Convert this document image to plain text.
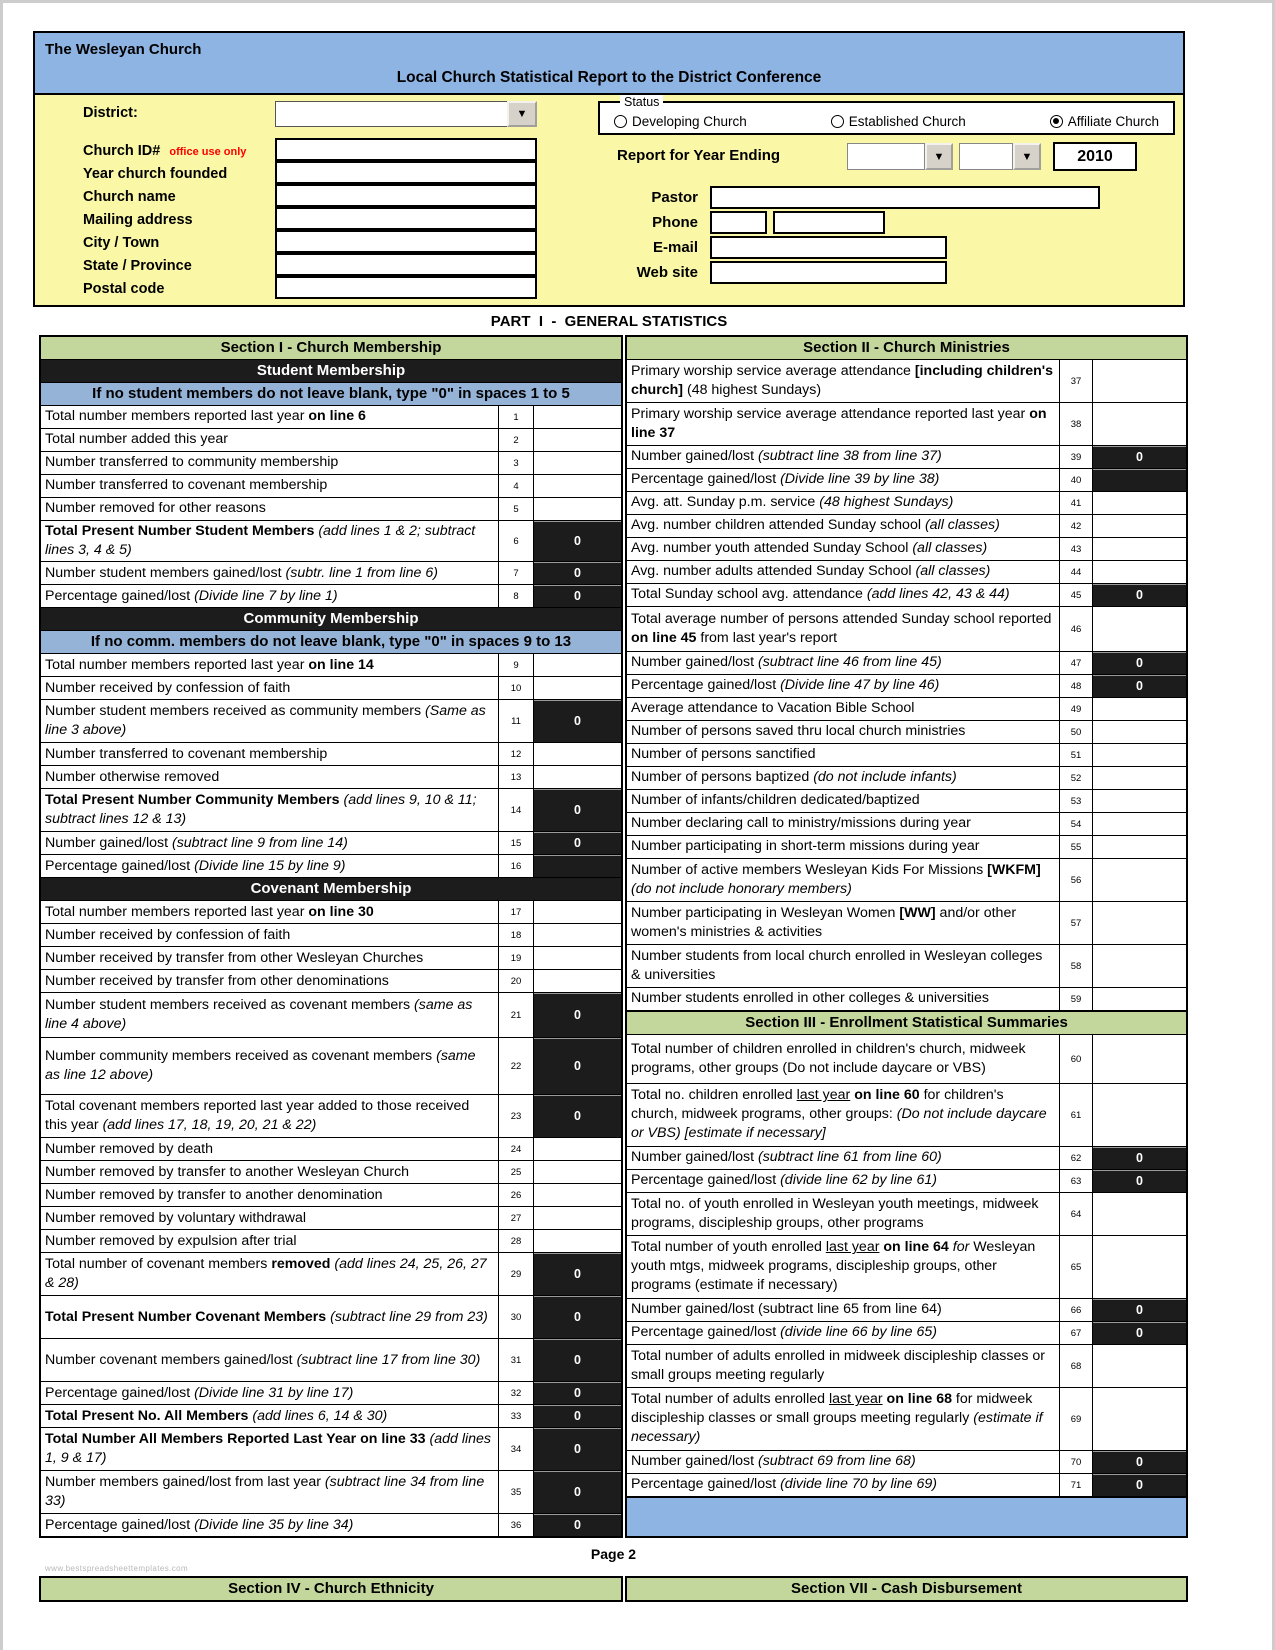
The Wesleyan Church
Local Church Statistical Report to the District Conference
District:	▼
Church ID# office use only
Year church founded
Church name
Mailing address
City / Town
State / Province
Postal code
Status
Developing Church	Established Church	Affiliate Church
Report for Year Ending	▼	▼	2010
Pastor
Phone
E-mail
Web site
PART  I  -  GENERAL STATISTICS
Section I - Church Membership
Student Membership
If no student members do not leave blank, type "0" in spaces 1 to 5
Total number members reported last year on line 6	1
Total number added this year	2
Number transferred to community membership	3
Number transferred to covenant membership	4
Number removed for other reasons	5
Total Present Number Student Members (add lines 1 & 2; subtract lines 3, 4 & 5)
6	0
Number student members gained/lost (subtr. line 1 from line 6)	7	0
Percentage gained/lost (Divide line 7 by line 1)	8	0
Community Membership
If no comm. members do not leave blank, type "0" in spaces 9 to 13
Total number members reported last year on line 14	9
Number received by confession of faith	10
Number student members received as community members (Same as line 3 above)
11	0
Number transferred to covenant membership	12
Number otherwise removed	13
Total Present Number Community Members (add lines 9, 10 & 11; subtract lines 12 & 13)
14	0
Number gained/lost (subtract line 9 from line 14)	15	0
Percentage gained/lost (Divide line 15 by line 9)	16
Covenant Membership
Total number members reported last year on line 30	17
Number received by confession of faith	18
Number received by transfer from other Wesleyan Churches	19
Number received by transfer from other denominations	20
Number student members received as covenant members (same as line 4 above)
21	0
Number community members received as covenant members (same as line 12 above)
22	0
Total covenant members reported last year added to those received this year (add lines 17, 18, 19, 20, 21 & 22)
23	0
Number removed by death	24
Number removed by transfer to another Wesleyan Church	25
Number removed by transfer to another denomination	26
Number removed by voluntary withdrawal	27
Number removed by expulsion after trial	28
Total number of covenant members removed (add lines 24, 25, 26, 27 & 28)
29	0
Total Present Number Covenant Members (subtract line 29 from 23)	30	0
Number covenant members gained/lost (subtract line 17 from line 30)	31	0
Percentage gained/lost (Divide line 31 by line 17)	32	0
Total Present No. All Members (add lines 6, 14 & 30)	33	0
Total Number All Members Reported Last Year on line 33 (add lines 1, 9 & 17)
34	0
Number members gained/lost from last year (subtract line 34 from line 33)
35	0
Percentage gained/lost (Divide line 35 by line 34)	36	0
Section II - Church Ministries
Primary worship service average attendance [including children's church] (48 highest Sundays)
37
Primary worship service average attendance reported last year on line 37
38
Number gained/lost (subtract line 38 from line 37)	39	0
Percentage gained/lost (Divide line 39 by line 38)	40
Avg. att. Sunday p.m. service (48 highest Sundays)	41
Avg. number children attended Sunday school (all classes)	42
Avg. number youth attended Sunday School (all classes)	43
Avg. number adults attended Sunday School (all classes)	44
Total Sunday school avg. attendance (add lines 42, 43 & 44)	45	0
Total average number of persons attended Sunday school reported on line 45 from last year's report
46
Number gained/lost (subtract line 46 from line 45)	47	0
Percentage gained/lost (Divide line 47 by line 46)	48	0
Average attendance to Vacation Bible School	49
Number of persons saved thru local church ministries	50
Number of persons sanctified	51
Number of persons baptized (do not include infants)	52
Number of infants/children dedicated/baptized	53
Number declaring call to ministry/missions during year	54
Number participating in short-term missions during year	55
Number of active members Wesleyan Kids For Missions [WKFM] (do not include honorary members)
56
Number participating in Wesleyan Women [WW] and/or other women's ministries & activities
57
Number students from local church enrolled in Wesleyan colleges & universities
58
Number students enrolled in other colleges & universities	59
Section III - Enrollment Statistical Summaries
Total number of children enrolled in children's church, midweek programs, other groups (Do not include daycare or VBS)
60
Total no. children enrolled last year on line 60 for children's church, midweek programs, other groups: (Do not include daycare or VBS) [estimate if necessary]
61
Number gained/lost (subtract line 61 from line 60)	62	0
Percentage gained/lost (divide line 62 by line 61)	63	0
Total no. of youth enrolled in Wesleyan youth meetings, midweek programs, discipleship groups, other programs
64
Total number of youth enrolled last year on line 64 for Wesleyan youth mtgs, midweek programs, discipleship groups, other programs (estimate if necessary)
65
Number gained/lost (subtract line 65 from line 64)	66	0
Percentage gained/lost (divide line 66 by line 65)	67	0
Total number of adults enrolled in midweek discipleship classes or small groups meeting regularly
68
Total number of adults enrolled last year on line 68 for midweek discipleship classes or small groups meeting regularly (estimate if necessary)
69
Number gained/lost (subtract 69 from line 68)	70	0
Percentage gained/lost (divide line 70 by line 69)	71	0
Page 2
www.bestspreadsheettemplates.com
Section IV - Church Ethnicity	Section VII - Cash Disbursement
